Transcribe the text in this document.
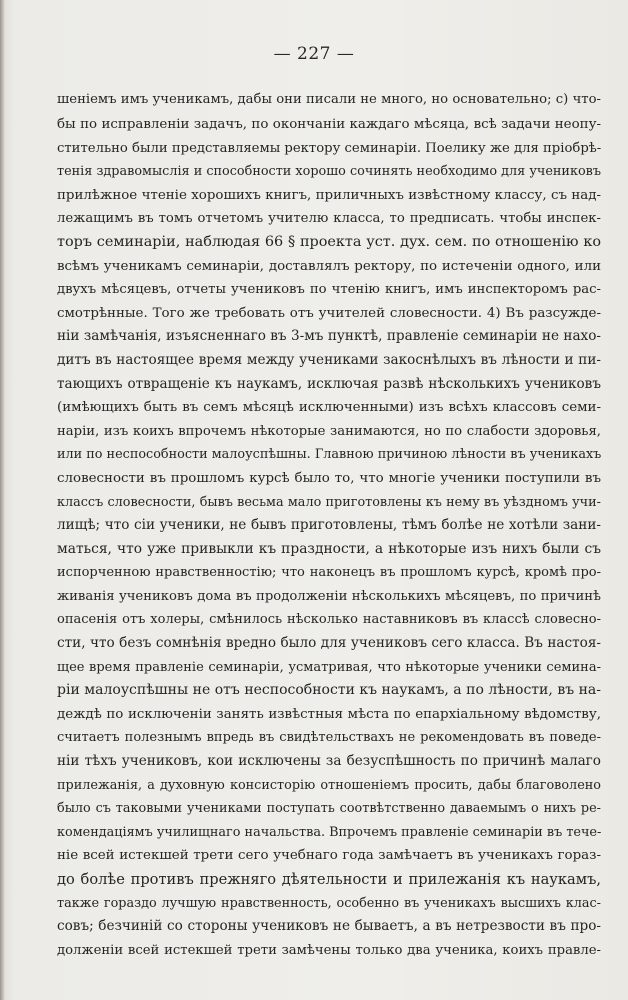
— 227 —
шенiемъ имъ ученикамъ, дабы они писали не много, но основательно; с) что-
бы по исправленiи задачъ, по окончанiи каждаго мѣсяца, всѣ задачи неопу-
стительно были представляемы ректору семинарiи. Поелику же для прiобрѣ-
тенiя здравомыслiя и способности хорошо сочинять необходимо для учениковъ
прилѣжное чтенiе хорошихъ книгъ, приличныхъ извѣстному классу, съ над-
лежащимъ въ томъ отчетомъ учителю класса, то предписать. чтобы инспек-
торъ семинарiи, наблюдая 66 § проекта уст. дух. сем. по отношенiю ко
всѣмъ ученикамъ семинарiи, доставлялъ ректору, по истеченiи одного, или
двухъ мѣсяцевъ, отчеты учениковъ по чтенiю книгъ, имъ инспекторомъ рас-
смотрѣнные. Того же требовать отъ учителей словесности. 4) Въ разсужде-
нiи замѣчанiя, изъясненнаго въ 3-мъ пунктѣ, правленiе семинарiи не нахо-
дитъ въ настоящее время между учениками закоснѣлыхъ въ лѣности и пи-
тающихъ отвращенiе къ наукамъ, исключая развѣ нѣсколькихъ учениковъ
(имѣющихъ быть въ семъ мѣсяцѣ исключенными) изъ всѣхъ классовъ семи-
нарiи, изъ коихъ впрочемъ нѣкоторые занимаются, но по слабости здоровья,
или по неспособности малоуспѣшны. Главною причиною лѣности въ ученикахъ
словесности въ прошломъ курсѣ было то, что многiе ученики поступили въ
классъ словесности, бывъ весьма мало приготовлены къ нему въ уѣздномъ учи-
лищѣ; что сiи ученики, не бывъ приготовлены, тѣмъ болѣе не хотѣли зани-
маться, что уже привыкли къ праздности, а нѣкоторые изъ нихъ были съ
испорченною нравственностiю; что наконецъ въ прошломъ курсѣ, кромѣ про-
живанiя учениковъ дома въ продолженiи нѣсколькихъ мѣсяцевъ, по причинѣ
опасенiя отъ холеры, смѣнилось нѣсколько наставниковъ въ классѣ словесно-
сти, что безъ сомнѣнiя вредно было для учениковъ сего класса. Въ настоя-
щее время правленiе семинарiи, усматривая, что нѣкоторые ученики семина-
рiи малоуспѣшны не отъ неспособности къ наукамъ, а по лѣности, въ на-
деждѣ по исключенiи занять извѣстныя мѣста по епархiальному вѣдомству,
считаетъ полезнымъ впредь въ свидѣтельствахъ не рекомендовать въ поведе-
нiи тѣхъ учениковъ, кои исключены за безуспѣшность по причинѣ малаго
прилежанiя, а духовную консисторiю отношенiемъ просить, дабы благоволено
было съ таковыми учениками поступать соотвѣтственно даваемымъ о нихъ ре-
комендацiямъ училищнаго начальства. Впрочемъ правленiе семинарiи въ тече-
нiе всей истекшей трети сего учебнаго года замѣчаетъ въ ученикахъ гораз-
до болѣе противъ прежняго дѣятельности и прилежанiя къ наукамъ,
также гораздо лучшую нравственность, особенно въ ученикахъ высшихъ клас-
совъ; безчинiй со стороны учениковъ не бываетъ, а въ нетрезвости въ про-
долженiи всей истекшей трети замѣчены только два ученика, коихъ правле-
